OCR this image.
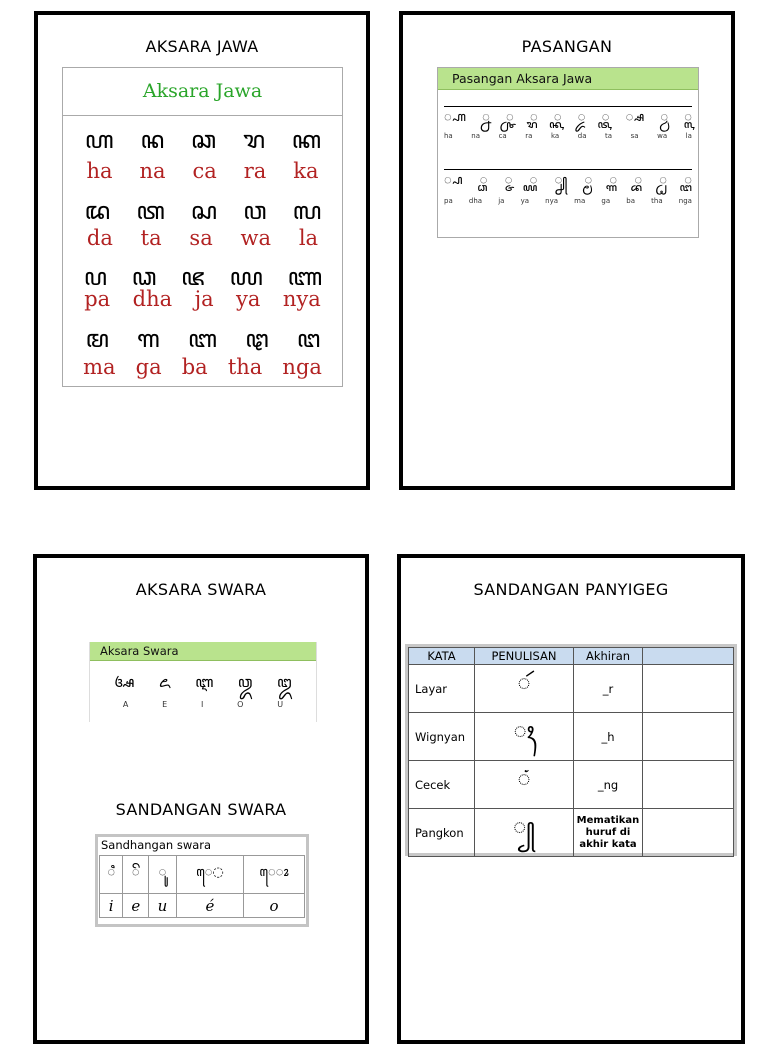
AKSARA JAWA
Aksara Jawa
ꦲ ꦤ ꦕ ꦫ ꦏ
ha na ca ra ka
ꦢ ꦠ ꦱ ꦮ ꦭ
da ta sa wa la
ꦥ ꦣ ꦗ ꦪ ꦚ
pa dha ja ya nya
ꦩ ꦒ ꦧ ꦛ ꦔ
ma ga ba tha nga
PASANGAN
Pasangan Aksara Jawa
꧀ꦲ ꧀ꦤ ꧀ꦕ ꧀ꦫ ꧀ꦏ ꧀ꦢ ꧀ꦠ ꧀ꦱ ꧀ꦮ ꧀ꦭ
ha	na	ca	ra	ka	da	ta	sa	wa	la
꧀ꦥ ꧀ꦣ ꧀ꦗ ꧀ꦪ ꧀ꦚ ꧀ꦩ ꧀ꦒ ꧀ꦧ ꧀ꦛ ꧀ꦔ
pa dha ja ya nya ma ga ba tha nga
AKSARA SWARA
Aksara Swara
ꦄ ꦌ ꦆ ꦎ ꦈ
A	E	I	O	U
SANDANGAN SWARA
Sandhangan swara
◌ꦶ	◌ꦼ	◌ꦸ	ꦺ◌	ꦺ◌ꦴ
i	e	u	é	o
SANDANGAN PANYIGEG
KATA	PENULISAN	Akhiran	
Layar	ꦂ	_r	
Wignyan	ꦃ	_h	
Cecek	ꦁ	_ng	
Pangkon	꧀	Mematikan huruf di akhir kata	
